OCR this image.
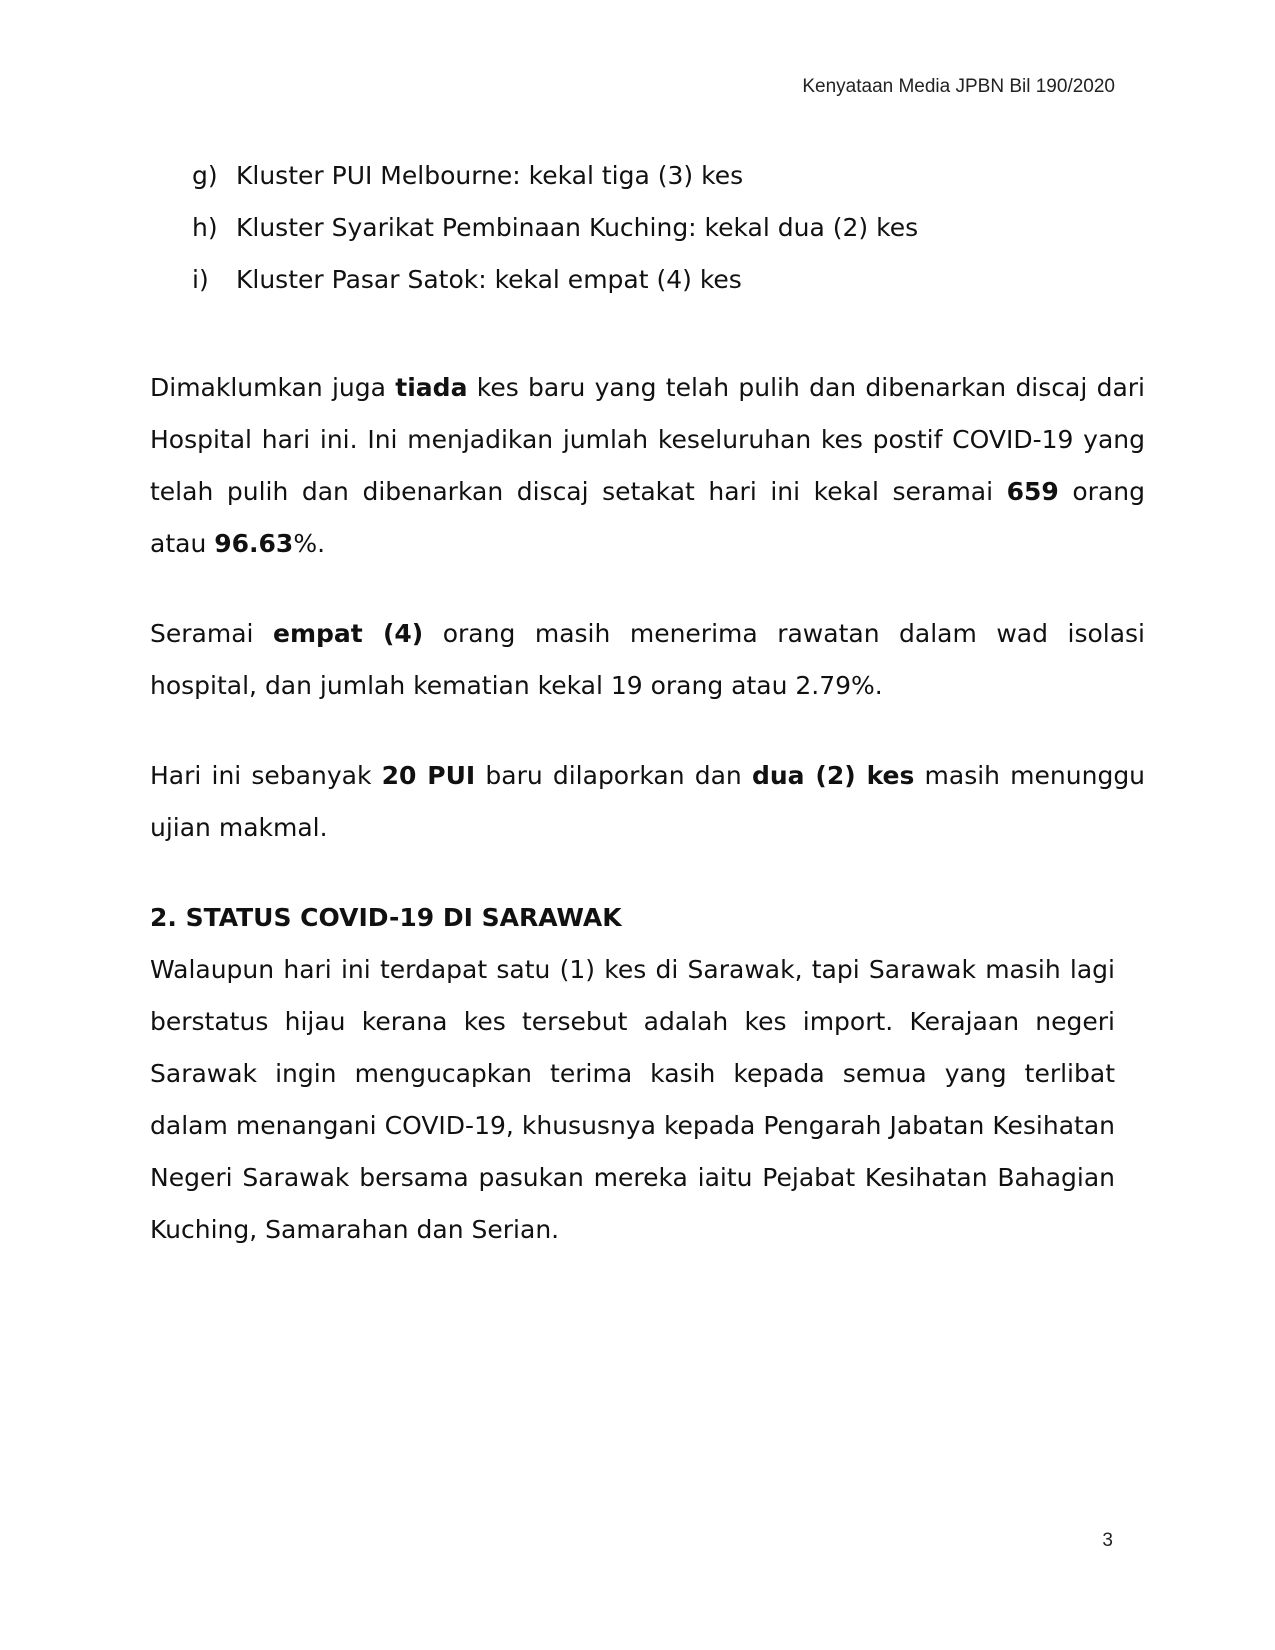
Kenyataan Media JPBN Bil 190/2020
g) Kluster PUI Melbourne: kekal tiga (3) kes
h) Kluster Syarikat Pembinaan Kuching: kekal dua (2) kes
i)	Kluster Pasar Satok: kekal empat (4) kes

Dimaklumkan juga tiada kes baru yang telah pulih dan dibenarkan discaj dari Hospital hari ini. Ini menjadikan jumlah keseluruhan kes postif COVID-19 yang telah pulih dan dibenarkan discaj setakat hari ini kekal seramai 659 orang atau 96.63%.

Seramai empat (4) orang masih menerima rawatan dalam wad isolasi hospital, dan jumlah kematian kekal 19 orang atau 2.79%.

Hari ini sebanyak 20 PUI baru dilaporkan dan dua (2) kes masih menunggu ujian makmal.

2. STATUS COVID-19 DI SARAWAK

Walaupun hari ini terdapat satu (1) kes di Sarawak, tapi Sarawak masih lagi berstatus hijau kerana kes tersebut adalah kes import. Kerajaan negeri Sarawak ingin mengucapkan terima kasih kepada semua yang terlibat dalam menangani COVID-19, khususnya kepada Pengarah Jabatan Kesihatan Negeri Sarawak bersama pasukan mereka iaitu Pejabat Kesihatan Bahagian Kuching, Samarahan dan Serian.

3
